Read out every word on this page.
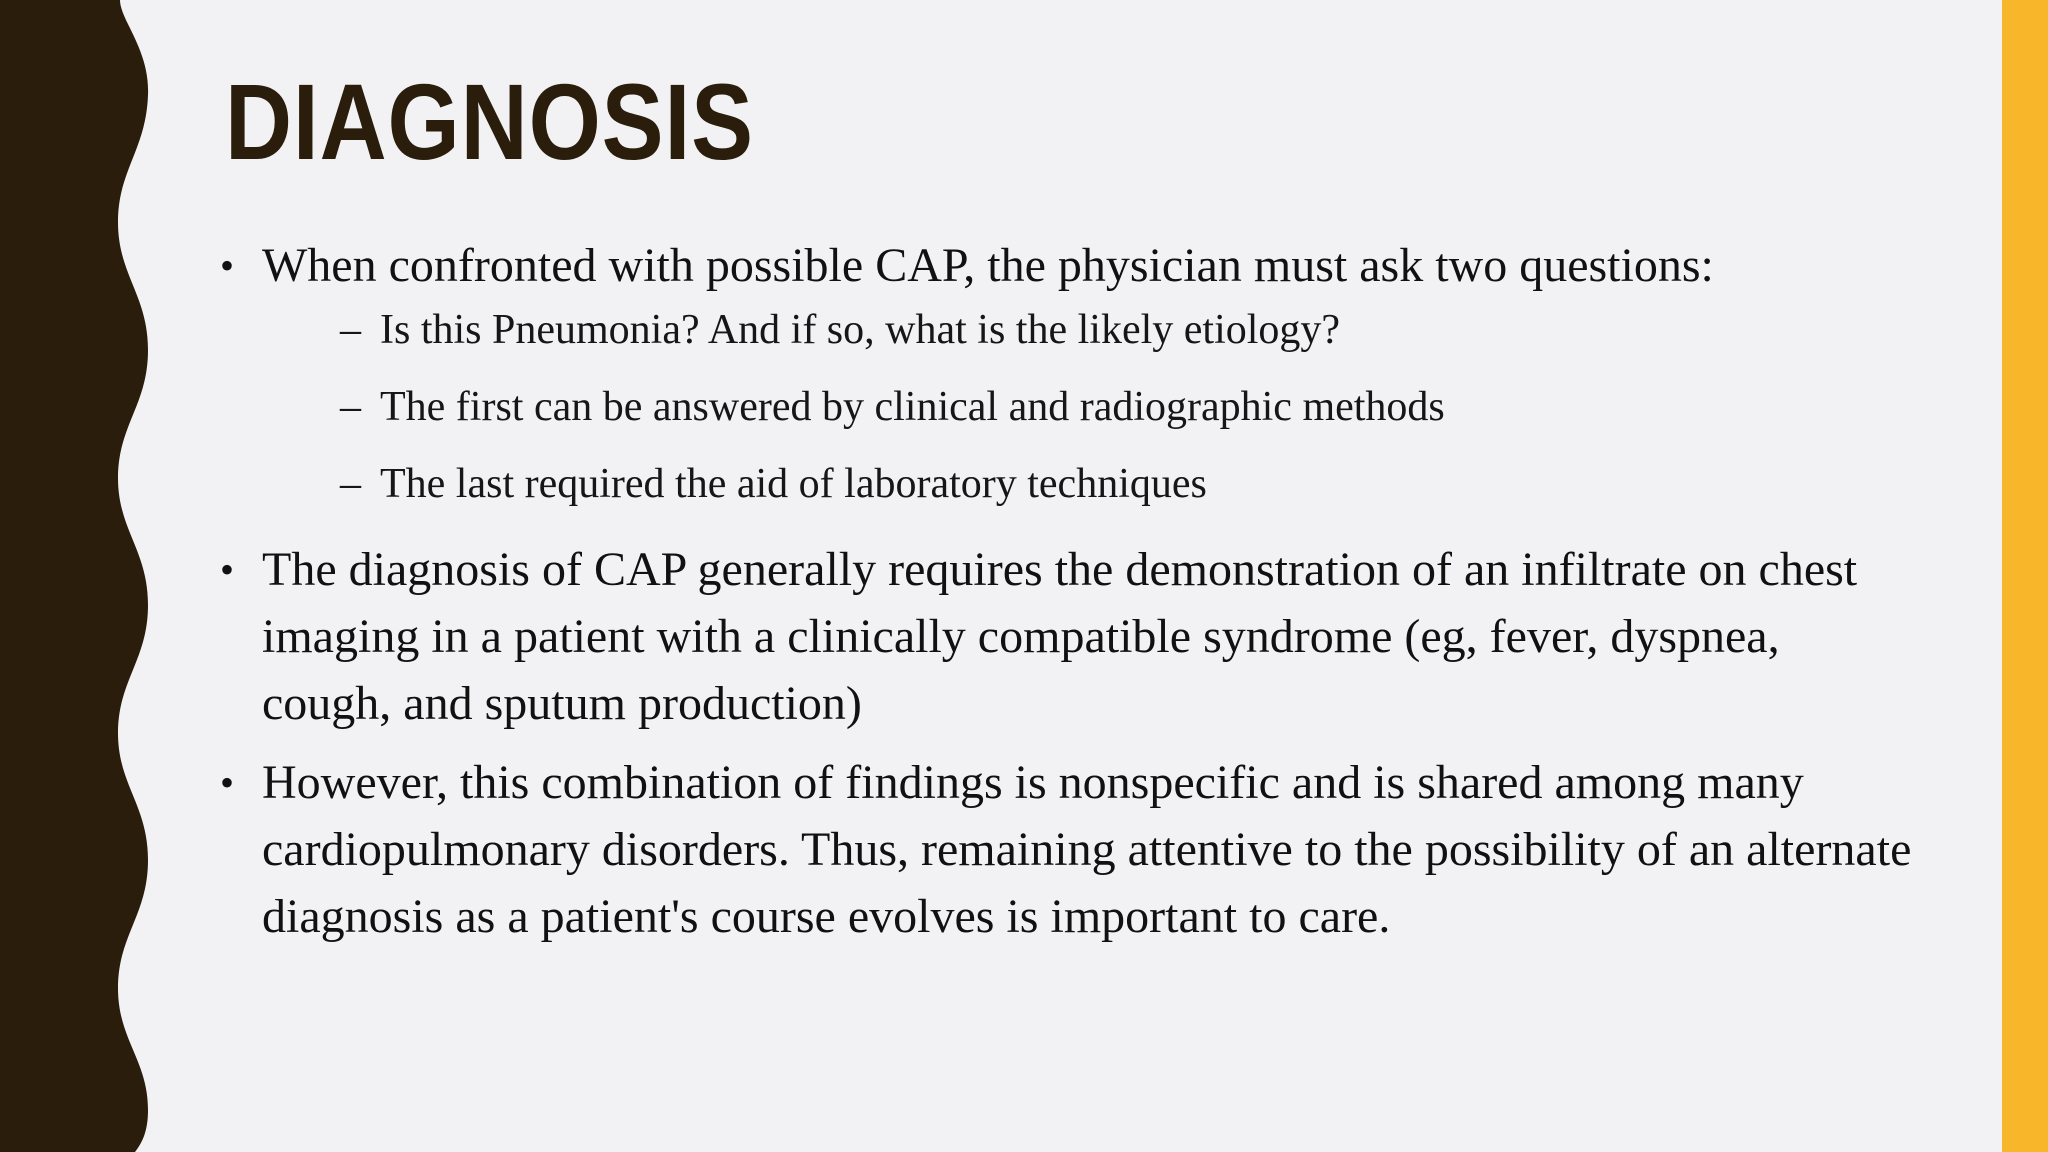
DIAGNOSIS
• When confronted with possible CAP, the physician must ask two questions:
– Is this Pneumonia? And if so, what is the likely etiology?
– The first can be answered by clinical and radiographic methods
– The last required the aid of laboratory techniques
• The diagnosis of CAP generally requires the demonstration of an infiltrate on chest imaging in a patient with a clinically compatible syndrome (eg, fever, dyspnea, cough, and sputum production)
• However, this combination of findings is nonspecific and is shared among many cardiopulmonary disorders. Thus, remaining attentive to the possibility of an alternate diagnosis as a patient's course evolves is important to care.
